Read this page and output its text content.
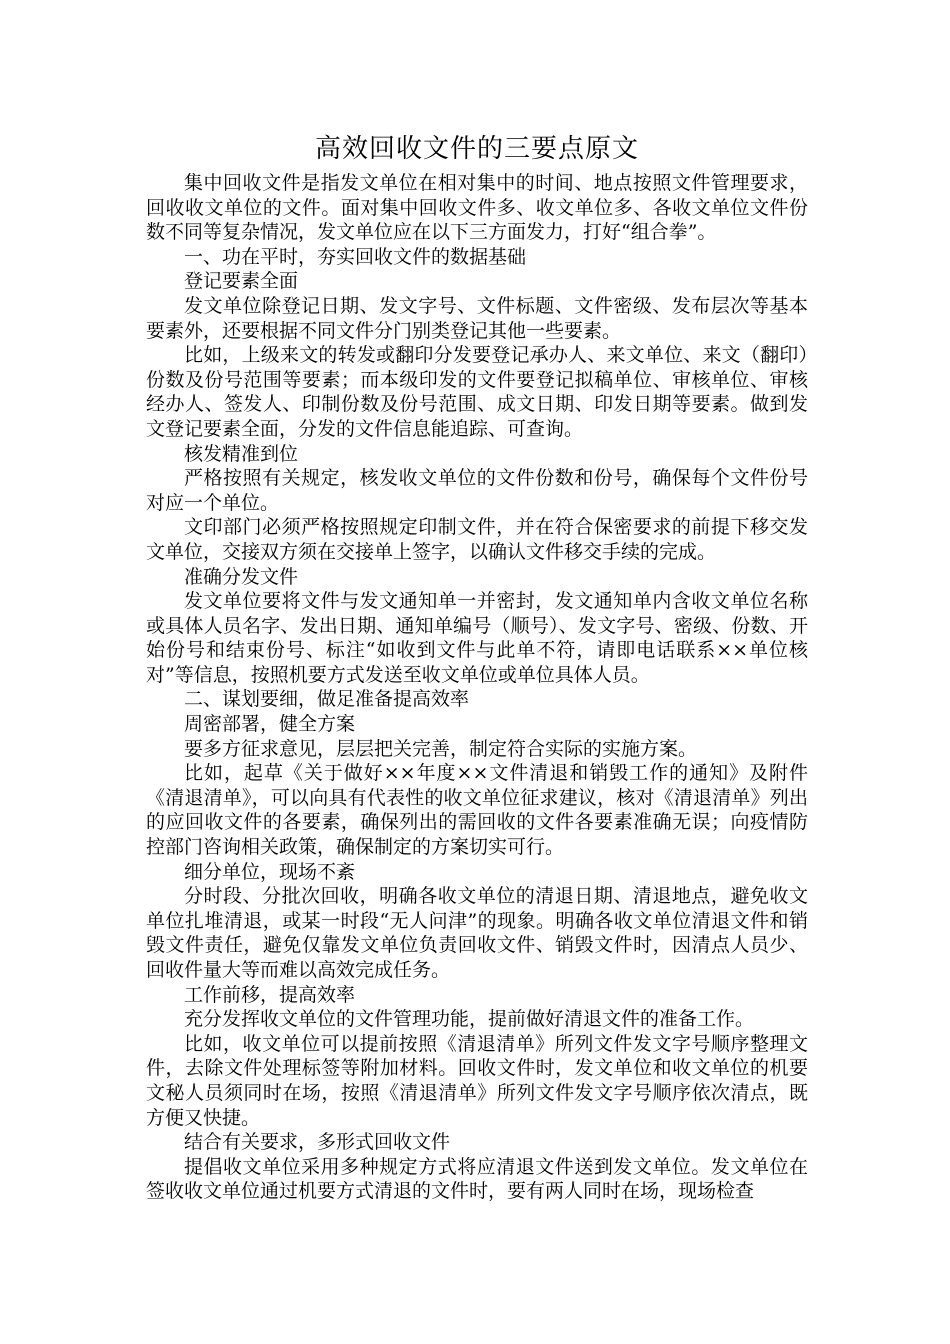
高效回收文件的三要点原文

集中回收文件是指发文单位在相对集中的时间、地点按照文件管理要求，回收收文单位的文件。面对集中回收文件多、收文单位多、各收文单位文件份数不同等复杂情况，发文单位应在以下三方面发力，打好“组合拳”。

一、功在平时，夯实回收文件的数据基础

登记要素全面

发文单位除登记日期、发文字号、文件标题、文件密级、发布层次等基本要素外，还要根据不同文件分门别类登记其他一些要素。

比如，上级来文的转发或翻印分发要登记承办人、来文单位、来文（翻印）份数及份号范围等要素；而本级印发的文件要登记拟稿单位、审核单位、审核经办人、签发人、印制份数及份号范围、成文日期、印发日期等要素。做到发文登记要素全面，分发的文件信息能追踪、可查询。

核发精准到位

严格按照有关规定，核发收文单位的文件份数和份号，确保每个文件份号对应一个单位。

文印部门必须严格按照规定印制文件，并在符合保密要求的前提下移交发文单位，交接双方须在交接单上签字，以确认文件移交手续的完成。

准确分发文件

发文单位要将文件与发文通知单一并密封，发文通知单内含收文单位名称或具体人员名字、发出日期、通知单编号（顺号）、发文字号、密级、份数、开始份号和结束份号、标注“如收到文件与此单不符，请即电话联系××单位核对”等信息，按照机要方式发送至收文单位或单位具体人员。

二、谋划要细，做足准备提高效率

周密部署，健全方案

要多方征求意见，层层把关完善，制定符合实际的实施方案。

比如，起草《关于做好××年度××文件清退和销毁工作的通知》及附件《清退清单》，可以向具有代表性的收文单位征求建议，核对《清退清单》列出的应回收文件的各要素，确保列出的需回收的文件各要素准确无误；向疫情防控部门咨询相关政策，确保制定的方案切实可行。

细分单位，现场不紊

分时段、分批次回收，明确各收文单位的清退日期、清退地点，避免收文单位扎堆清退，或某一时段“无人问津”的现象。明确各收文单位清退文件和销毁文件责任，避免仅靠发文单位负责回收文件、销毁文件时，因清点人员少、回收件量大等而难以高效完成任务。

工作前移，提高效率

充分发挥收文单位的文件管理功能，提前做好清退文件的准备工作。

比如，收文单位可以提前按照《清退清单》所列文件发文字号顺序整理文件，去除文件处理标签等附加材料。回收文件时，发文单位和收文单位的机要文秘人员须同时在场，按照《清退清单》所列文件发文字号顺序依次清点，既方便又快捷。

结合有关要求，多形式回收文件

提倡收文单位采用多种规定方式将应清退文件送到发文单位。发文单位在签收收文单位通过机要方式清退的文件时，要有两人同时在场，现场检查
